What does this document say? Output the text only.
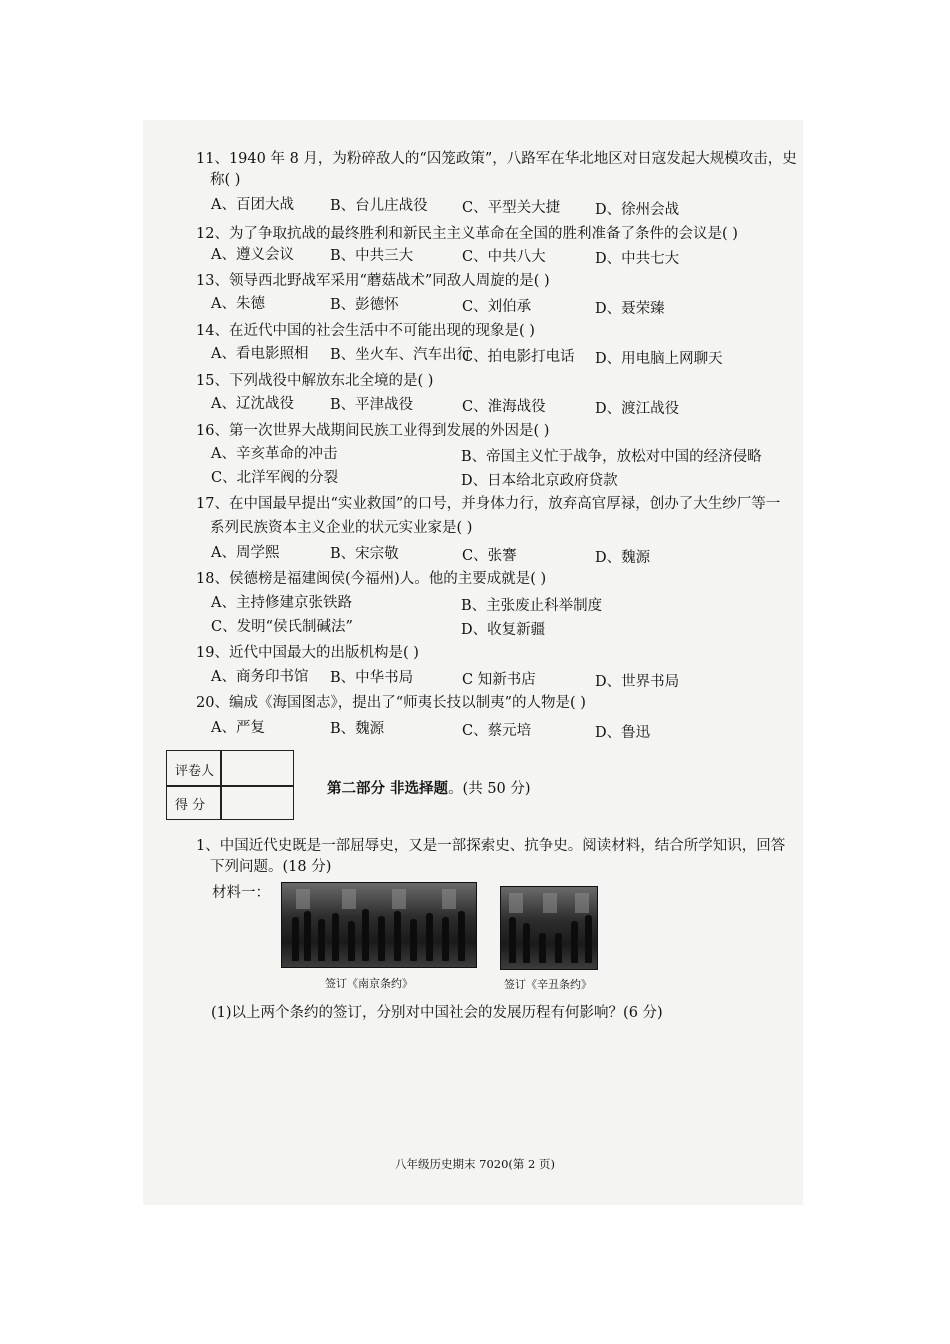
11、1940 年 8 月，为粉碎敌人的“囚笼政策”，八路军在华北地区对日寇发起大规模攻击，史
称( )
A、百团大战 B、台儿庄战役 C、平型关大捷 D、徐州会战
12、为了争取抗战的最终胜利和新民主主义革命在全国的胜利准备了条件的会议是( )
A、遵义会议 B、中共三大	C、中共八大	D、中共七大
13、领导西北野战军采用“蘑菇战术”同敌人周旋的是( )
A、朱德	B、彭德怀	C、刘伯承	D、聂荣臻
14、在近代中国的社会生活中不可能出现的现象是( )
A、看电影照相 B、坐火车、汽车出行
C、拍电影打电话 D、用电脑上网聊天
15、下列战役中解放东北全境的是( )
A、辽沈战役 B、平津战役	C、淮海战役	D、渡江战役
16、第一次世界大战期间民族工业得到发展的外因是( )
A、辛亥革命的冲击	B、帝国主义忙于战争，放松对中国的经济侵略
C、北洋军阀的分裂	D、日本给北京政府贷款
17、在中国最早提出“实业救国”的口号，并身体力行，放弃高官厚禄，创办了大生纱厂等一
系列民族资本主义企业的状元实业家是( )
A、周学熙	B、宋宗敬	C、张謇	D、魏源
18、侯德榜是福建闽侯(今福州)人。他的主要成就是( )
A、主持修建京张铁路	B、主张废止科举制度
C、发明“侯氏制碱法”	D、收复新疆
19、近代中国最大的出版机构是( )
A、商务印书馆 B、中华书局	C 知新书店	D、世界书局
20、编成《海国图志》，提出了“师夷长技以制夷”的人物是( )
A、严复	B、魏源	C、蔡元培	D、鲁迅
评卷人
得 分
第二部分 非选择题。(共 50 分)
1、中国近代史既是一部屈辱史，又是一部探索史、抗争史。阅读材料，结合所学知识，回答
下列问题。(18 分)
材料一：
签订《南京条约》	签订《辛丑条约》
(1)以上两个条约的签订，分别对中国社会的发展历程有何影响？(6 分)
八年级历史期末 7020(第 2 页)
